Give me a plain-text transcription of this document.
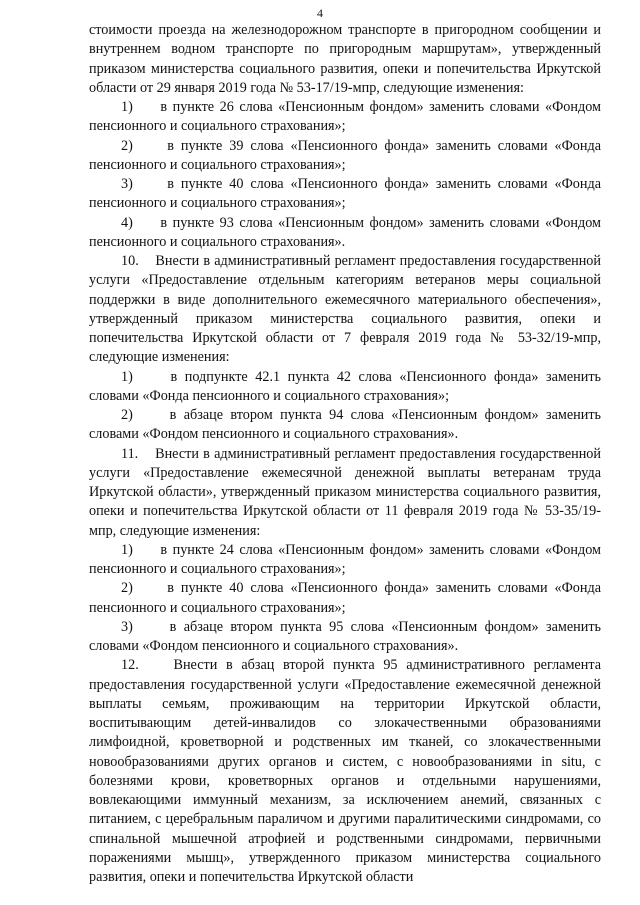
4

стоимости проезда на железнодорожном транспорте в пригородном сообщении и внутреннем водном транспорте по пригородным маршрутам», утвержденный приказом министерства социального развития, опеки и попечительства Иркутской области от 29 января 2019 года № 53-17/19-мпр, следующие изменения:

1)     в пункте 26 слова «Пенсионным фондом» заменить словами «Фондом пенсионного и социального страхования»;

2)     в пункте 39 слова «Пенсионного фонда» заменить словами «Фонда пенсионного и социального страхования»;

3)     в пункте 40 слова «Пенсионного фонда» заменить словами «Фонда пенсионного и социального страхования»;

4)     в пункте 93 слова «Пенсионным фондом» заменить словами «Фондом пенсионного и социального страхования».

10.    Внести в административный регламент предоставления государственной услуги «Предоставление отдельным категориям ветеранов меры социальной поддержки в виде дополнительного ежемесячного материального обеспечения», утвержденный приказом министерства социального развития, опеки и попечительства Иркутской области от 7 февраля 2019 года № 53-32/19-мпр, следующие изменения:

1)     в подпункте 42.1 пункта 42 слова «Пенсионного фонда» заменить словами «Фонда пенсионного и социального страхования»;

2)     в абзаце втором пункта 94 слова «Пенсионным фондом» заменить словами «Фондом пенсионного и социального страхования».

11.    Внести в административный регламент предоставления государственной услуги «Предоставление ежемесячной денежной выплаты ветеранам труда Иркутской области», утвержденный приказом министерства социального развития, опеки и попечительства Иркутской области от 11 февраля 2019 года № 53-35/19-мпр, следующие изменения:

1)     в пункте 24 слова «Пенсионным фондом» заменить словами «Фондом пенсионного и социального страхования»;

2)     в пункте 40 слова «Пенсионного фонда» заменить словами «Фонда пенсионного и социального страхования»;

3)     в абзаце втором пункта 95 слова «Пенсионным фондом» заменить словами «Фондом пенсионного и социального страхования».

12.    Внести в абзац второй пункта 95 административного регламента предоставления государственной услуги «Предоставление ежемесячной денежной выплаты семьям, проживающим на территории Иркутской области, воспитывающим детей-инвалидов со злокачественными образованиями лимфоидной, кроветворной и родственных им тканей, со злокачественными новообразованиями других органов и систем, с новообразованиями in situ, с болезнями крови, кроветворных органов и отдельными нарушениями, вовлекающими иммунный механизм, за исключением анемий, связанных с питанием, с церебральным параличом и другими паралитическими синдромами, со спинальной мышечной атрофией и родственными синдромами, первичными поражениями мышц», утвержденного приказом министерства социального развития, опеки и попечительства Иркутской области
